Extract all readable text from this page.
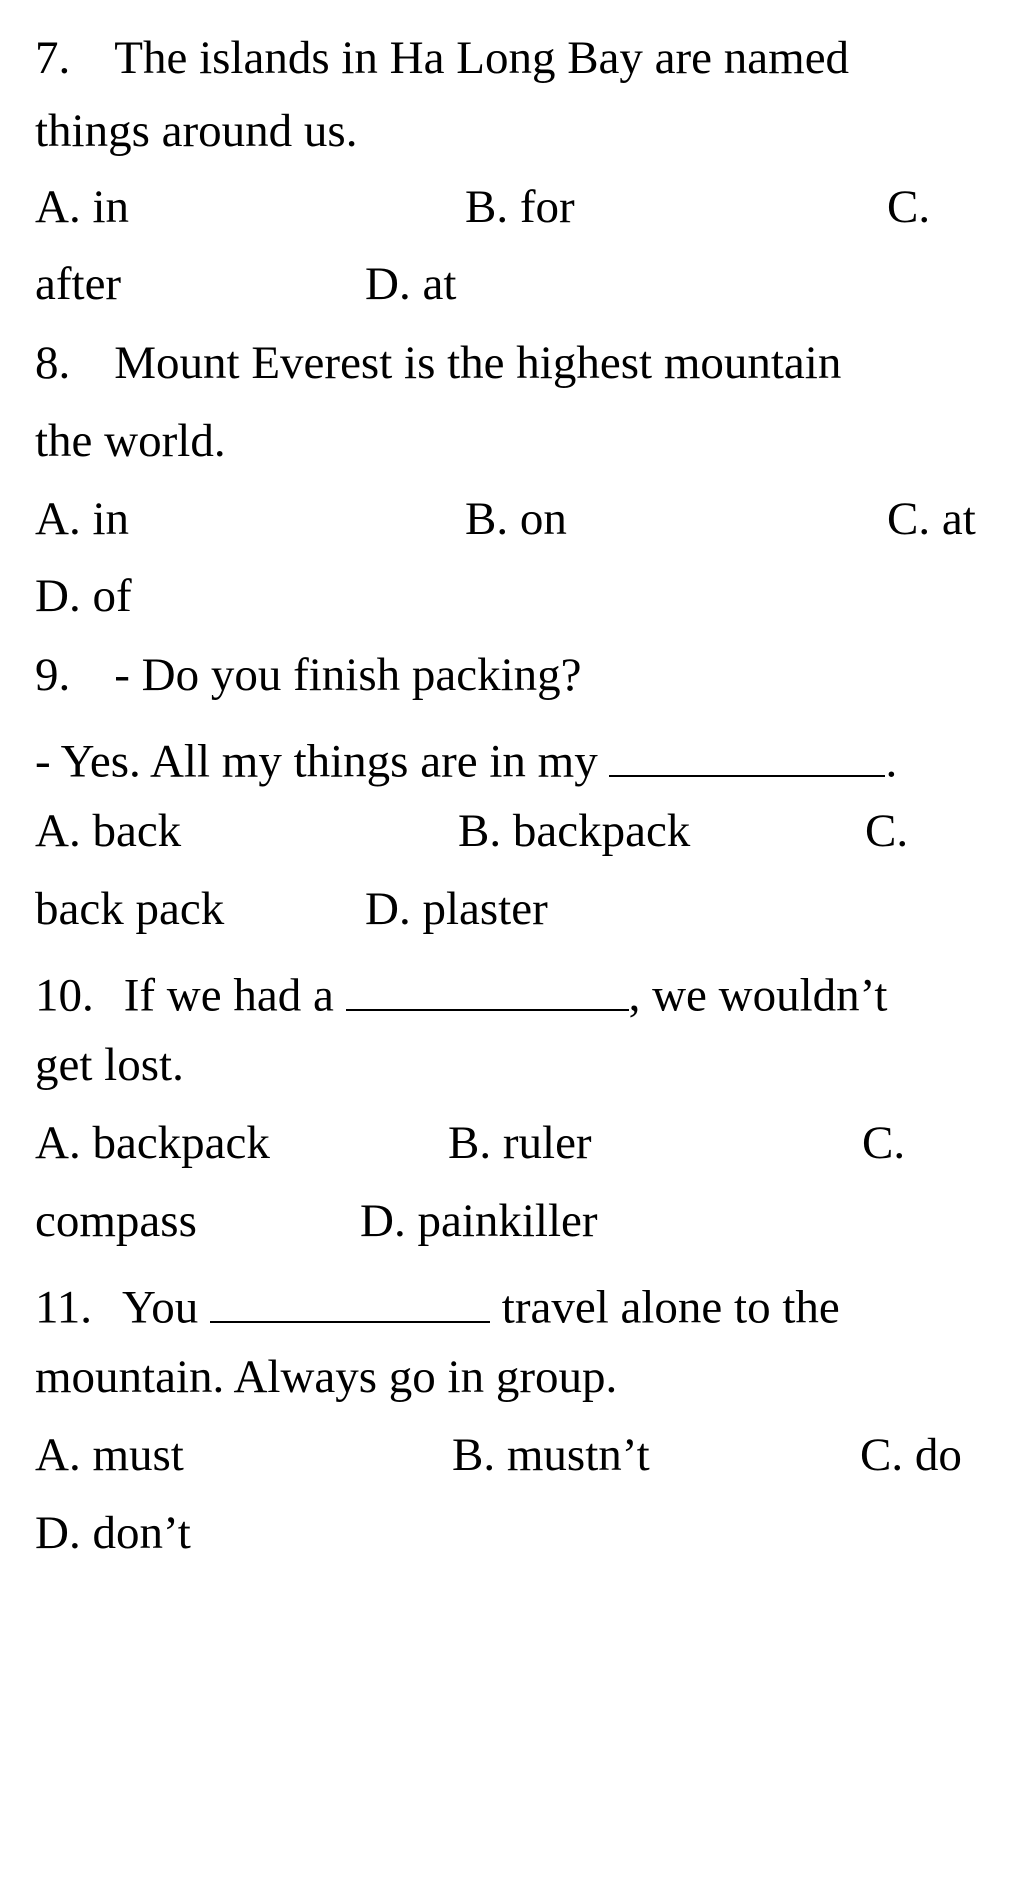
7. The islands in Ha Long Bay are named
things around us.
A. in	B. for	C.
after	D. at
8. Mount Everest is the highest mountain
the world.
A. in	B. on	C. at
D. of
9. - Do you finish packing?
- Yes. All my things are in my	.
A. back	B. backpack	C.
back pack	D. plaster
10. If we had a	, we wouldn’t
get lost.
A. backpack	B. ruler	C.
compass	D. painkiller
11. You	travel alone to the
mountain. Always go in group.
A. must	B. mustn’t	C. do
D. don’t
